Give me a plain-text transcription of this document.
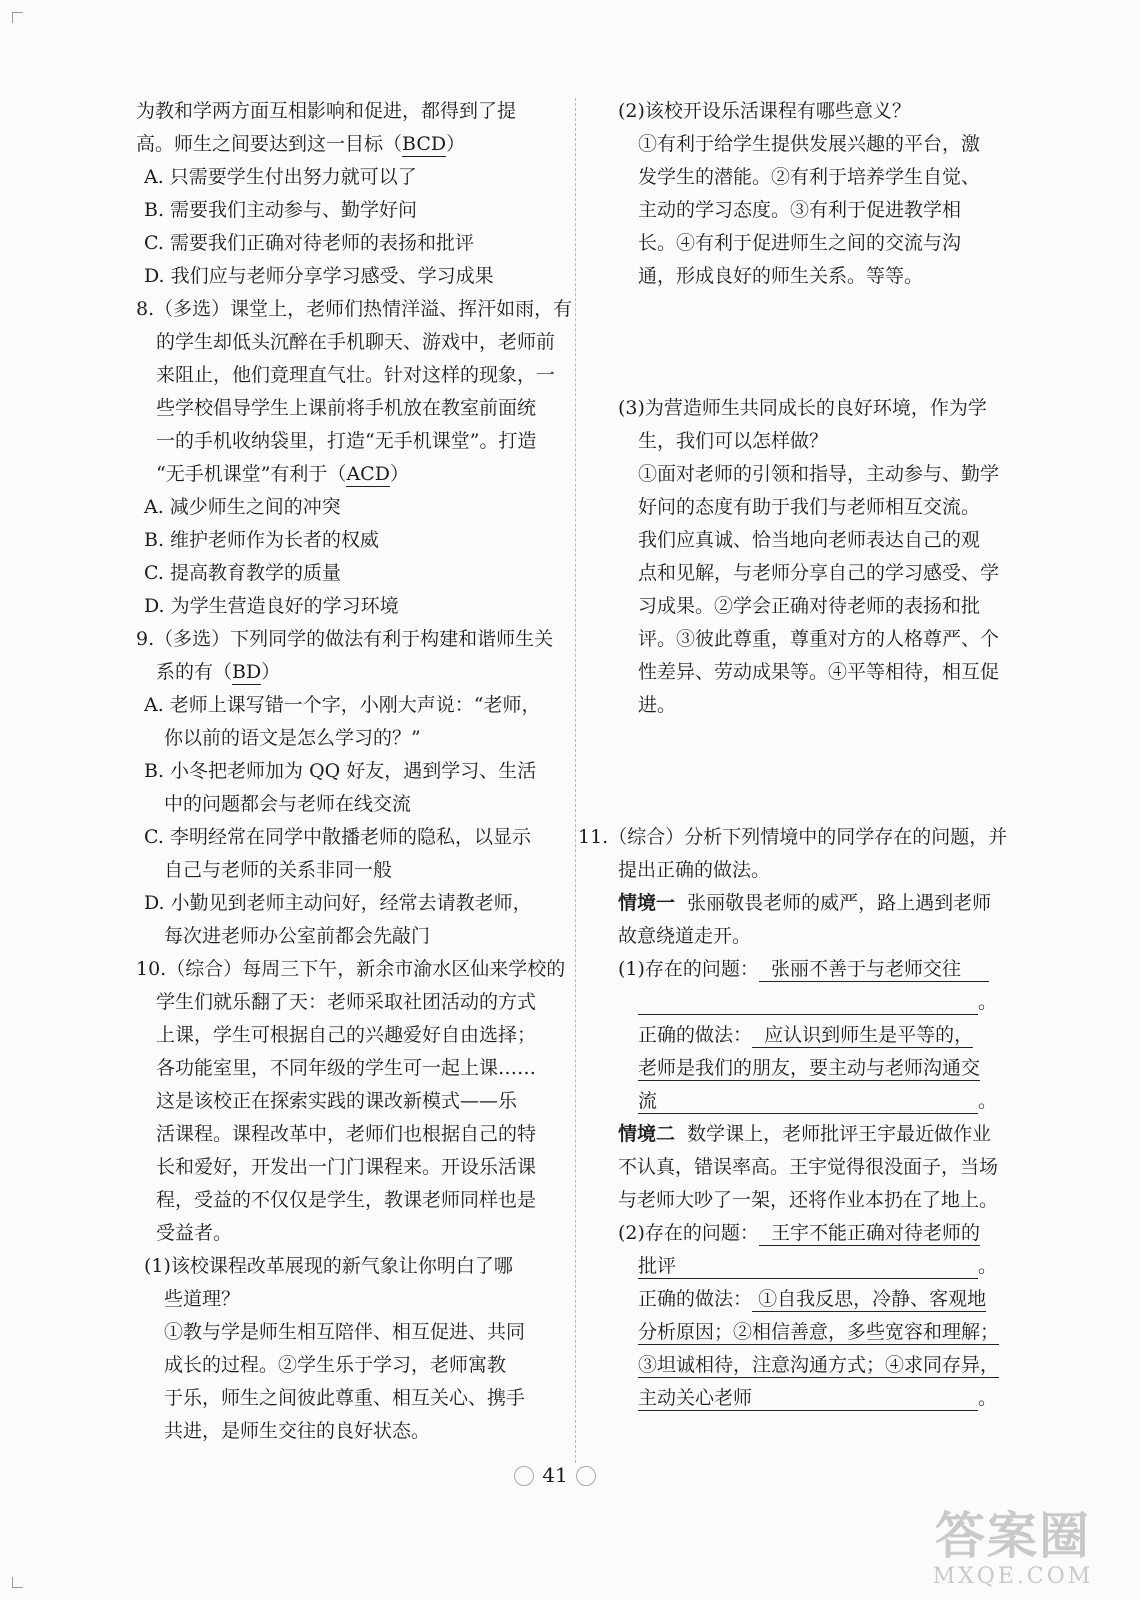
为教和学两方面互相影响和促进，都得到了提
高。师生之间要达到这一目标（BCD）
A. 只需要学生付出努力就可以了
B. 需要我们主动参与、勤学好问
C. 需要我们正确对待老师的表扬和批评
D. 我们应与老师分享学习感受、学习成果
8.（多选）课堂上，老师们热情洋溢、挥汗如雨，有
的学生却低头沉醉在手机聊天、游戏中，老师前
来阻止，他们竟理直气壮。针对这样的现象，一
些学校倡导学生上课前将手机放在教室前面统
一的手机收纳袋里，打造“无手机课堂”。打造
“无手机课堂”有利于（ACD）
A. 减少师生之间的冲突
B. 维护老师作为长者的权威
C. 提高教育教学的质量
D. 为学生营造良好的学习环境
9.（多选）下列同学的做法有利于构建和谐师生关
系的有（BD）
A. 老师上课写错一个字，小刚大声说：“老师，
你以前的语文是怎么学习的？”
B. 小冬把老师加为 QQ 好友，遇到学习、生活
中的问题都会与老师在线交流
C. 李明经常在同学中散播老师的隐私，以显示
自己与老师的关系非同一般
D. 小勤见到老师主动问好，经常去请教老师，
每次进老师办公室前都会先敲门
10.（综合）每周三下午，新余市渝水区仙来学校的
学生们就乐翻了天：老师采取社团活动的方式
上课，学生可根据自己的兴趣爱好自由选择；
各功能室里，不同年级的学生可一起上课……
这是该校正在探索实践的课改新模式——乐
活课程。课程改革中，老师们也根据自己的特
长和爱好，开发出一门门课程来。开设乐活课
程，受益的不仅仅是学生，教课老师同样也是
受益者。
(1)该校课程改革展现的新气象让你明白了哪
些道理？
①教与学是师生相互陪伴、相互促进、共同
成长的过程。②学生乐于学习，老师寓教
于乐，师生之间彼此尊重、相互关心、携手
共进，是师生交往的良好状态。
(2)该校开设乐活课程有哪些意义？
①有利于给学生提供发展兴趣的平台，激
发学生的潜能。②有利于培养学生自觉、
主动的学习态度。③有利于促进教学相
长。④有利于促进师生之间的交流与沟
通，形成良好的师生关系。等等。
(3)为营造师生共同成长的良好环境，作为学
生，我们可以怎样做？
①面对老师的引领和指导，主动参与、勤学
好问的态度有助于我们与老师相互交流。
我们应真诚、恰当地向老师表达自己的观
点和见解，与老师分享自己的学习感受、学
习成果。②学会正确对待老师的表扬和批
评。③彼此尊重，尊重对方的人格尊严、个
性差异、劳动成果等。④平等相待，相互促
进。
11.（综合）分析下列情境中的同学存在的问题，并
提出正确的做法。
情境一 张丽敬畏老师的威严，路上遇到老师
故意绕道走开。
(1)存在的问题： 张丽不善于与老师交往
。
正确的做法： 应认识到师生是平等的，
老师是我们的朋友，要主动与老师沟通交
流	。
情境二 数学课上，老师批评王宇最近做作业
不认真，错误率高。王宇觉得很没面子，当场
与老师大吵了一架，还将作业本扔在了地上。
(2)存在的问题： 王宇不能正确对待老师的
批评	。
正确的做法： ①自我反思，冷静、客观地
分析原因；②相信善意，多些宽容和理解；
③坦诚相待，注意沟通方式；④求同存异，
主动关心老师	。
41
答案圈
MXQE.COM
